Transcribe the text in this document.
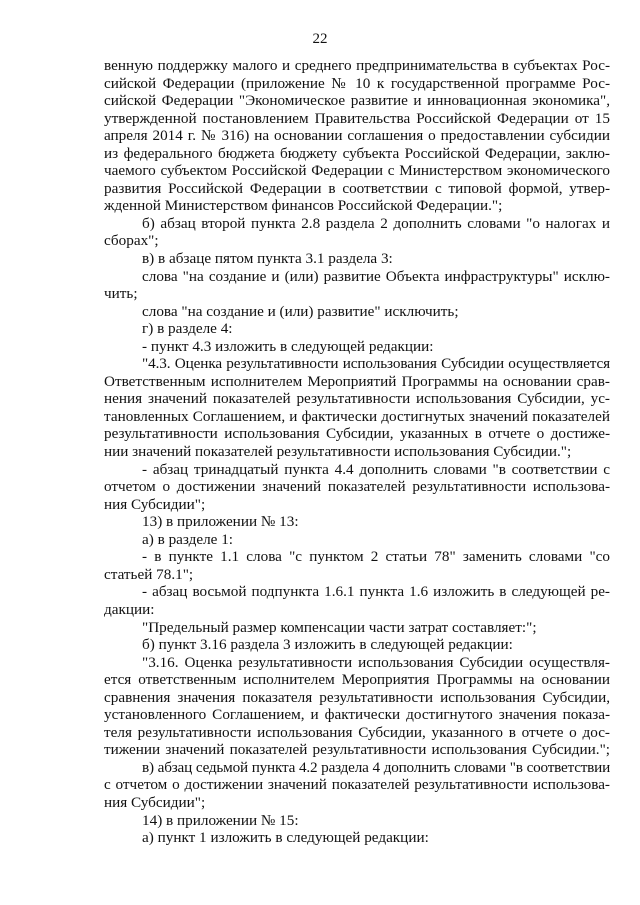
22
венную поддержку малого и среднего предпринимательства в субъектах Рос-
сийской Федерации (приложение № 10 к государственной программе Рос-
сийской Федерации "Экономическое развитие и инновационная экономика",
утвержденной постановлением Правительства Российской Федерации от 15
апреля 2014 г. № 316) на основании соглашения о предоставлении субсидии
из федерального бюджета бюджету субъекта Российской Федерации, заклю-
чаемого субъектом Российской Федерации с Министерством экономического
развития Российской Федерации в соответствии с типовой формой, утвер-
жденной Министерством финансов Российской Федерации.";
б) абзац второй пункта 2.8 раздела 2 дополнить словами "о налогах и
сборах";
в) в абзаце пятом пункта 3.1 раздела 3:
слова "на создание и (или) развитие Объекта инфраструктуры" исклю-
чить;
слова "на создание и (или) развитие" исключить;
г) в разделе 4:
- пункт 4.3 изложить в следующей редакции:
"4.3. Оценка результативности использования Субсидии осуществляется
Ответственным исполнителем Мероприятий Программы на основании срав-
нения значений показателей результативности использования Субсидии, ус-
тановленных Соглашением, и фактически достигнутых значений показателей
результативности использования Субсидии, указанных в отчете о достиже-
нии значений показателей результативности использования Субсидии.";
- абзац тринадцатый пункта 4.4 дополнить словами "в соответствии с
отчетом о достижении значений показателей результативности использова-
ния Субсидии";
13) в приложении № 13:
а) в разделе 1:
- в пункте 1.1 слова "с пунктом 2 статьи 78" заменить словами "со
статьей 78.1";
- абзац восьмой подпункта 1.6.1 пункта 1.6 изложить в следующей ре-
дакции:
"Предельный размер компенсации части затрат составляет:";
б) пункт 3.16 раздела 3 изложить в следующей редакции:
"3.16. Оценка результативности использования Субсидии осуществля-
ется ответственным исполнителем Мероприятия Программы на основании
сравнения значения показателя результативности использования Субсидии,
установленного Соглашением, и фактически достигнутого значения показа-
теля результативности использования Субсидии, указанного в отчете о дос-
тижении значений показателей результативности использования Субсидии.";
в) абзац седьмой пункта 4.2 раздела 4 дополнить словами "в соответствии
с отчетом о достижении значений показателей результативности использова-
ния Субсидии";
14) в приложении № 15:
а) пункт 1 изложить в следующей редакции:
